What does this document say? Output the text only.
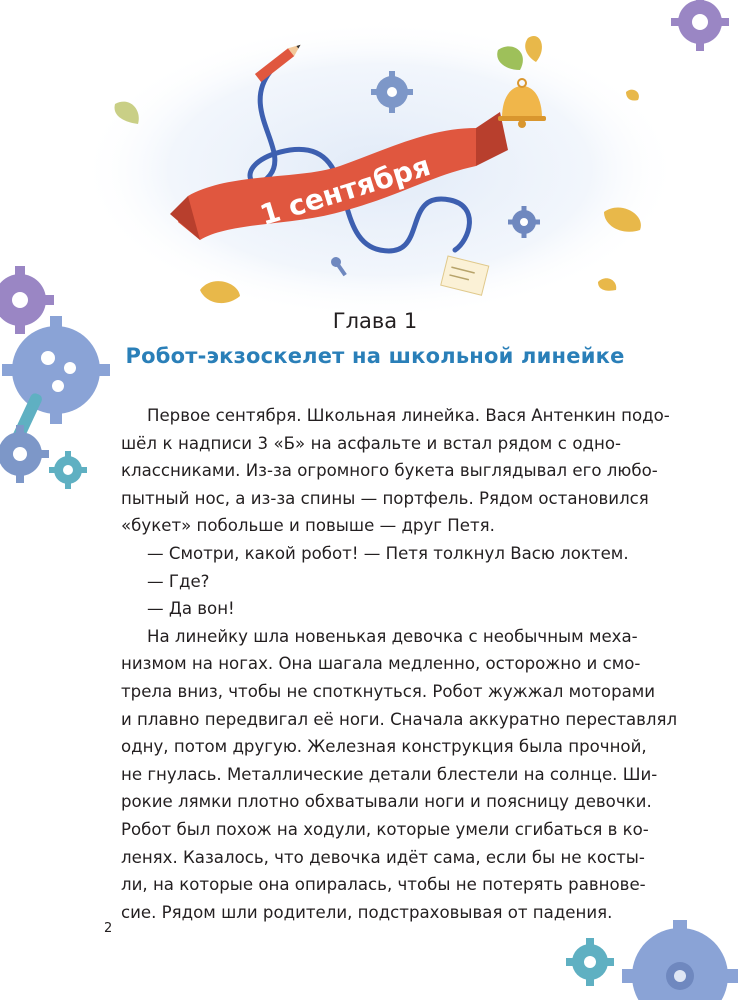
1 сентября
Глава 1
Робот-экзоскелет на школьной линейке
Первое сентября. Школьная линейка. Вася Антенкин подо-
шёл к надписи 3 «Б» на асфальте и встал рядом с одно-
классниками. Из-за огромного букета выглядывал его любо-
пытный нос, а из-за спины — портфель. Рядом остановился
«букет» побольше и повыше — друг Петя.
— Смотри, какой робот! — Петя толкнул Васю локтем.
— Где?
— Да вон!
На линейку шла новенькая девочка с необычным меха-
низмом на ногах. Она шагала медленно, осторожно и смо-
трела вниз, чтобы не споткнуться. Робот жужжал моторами
и плавно передвигал её ноги. Сначала аккуратно переставлял
одну, потом другую. Железная конструкция была прочной,
не гнулась. Металлические детали блестели на солнце. Ши-
рокие лямки плотно обхватывали ноги и поясницу девочки.
Робот был похож на ходули, которые умели сгибаться в ко-
ленях. Казалось, что девочка идёт сама, если бы не косты-
ли, на которые она опиралась, чтобы не потерять равнове-
сие. Рядом шли родители, подстраховывая от падения.
2
